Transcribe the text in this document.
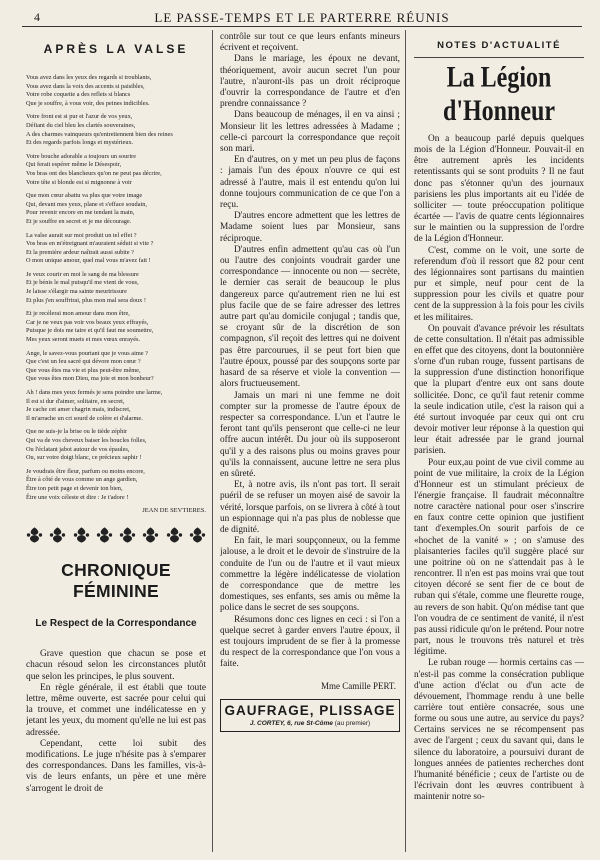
4	LE PASSE-TEMPS ET LE PARTERRE RÉUNIS
APRÈS LA VALSE
Vous avez dans les yeux des regards si troublants,
Vous avez dans la voix des accents si paisibles,
Votre robe coquette a des reflets si blancs
Que je souffre, à vous voir, des peines indicibles.
Votre front est si pur et l'azur de vos yeux,
Défiant du ciel bleu les clartés souveraines,
A des charmes vainqueurs qu'entretiennent bien des reines
Et des regards parfois longs et mystérieux.
Votre bouche adorable a toujours un sourire
Qui ferait espérer même le Désespoir,
Vos bras ont des blancheurs qu'on ne peut pas décrire,
Votre tête si blonde est si mignonne à voir
Que mon cœur abattu va plus que votre image
Qui, devant mes yeux, plane et s'efface soudain,
Pour revenir encore en me tendant la main,
Et je souffre en secret et je me décourage.
La valse aurait sur moi produit un tel effet ?
Vos bras en m'étreignant m'auraient séduit si vite ?
Et la première ardeur naîtrait aussi subite ?
O mon unique amour, quel mal vous m'avez fait !
Je veux courir en moi le sang de ma blessure
Et je bénis le mal puisqu'il me vient de vous,
Je laisse s'élargir ma sainte meurtrissure
Et plus j'en souffrirai, plus mon mal sera doux !
Et je recèlerai mon amour dans mon être,
Car je ne veux pas voir vos beaux yeux effrayés,
Puisque je dois me taire et qu'il faut me soumettre,
Mes yeux seront muets et mes vœux enrayés.
Ange, le savez-vous pourtant que je vous aime ?
Que c'est un feu sacré qui dévore mon cœur ?
Que vous êtes ma vie et plus peut-être même,
Que vous êtes mon Dieu, ma joie et mon bonheur?
Ah ! dans mes yeux fermés je sens poindre une larme,
Il est si dur d'aimer, solitaire, en secret,
Je cache cet amer chagrin mais, indiscret,
Il m'arrache un cri sourd de colère et d'alarme.
Que ne suis-je la brise ou le tiède zéphir
Qui va de vos cheveux baiser les boucles folles,
Ou l'éclatant jabot autour de vos épaules,
Ou, sur votre doigt blanc, ce précieux saphir !
Je voudrais être fleur, parfum ou moins encore,
Être à côté de vous comme un ange gardien,
Être ton petit page et devenir ton bien,
Être une voix céleste et dire : Je t'adore !
JEAN DE SEVTIERES.
CHRONIQUE FÉMININE
Le Respect de la Correspondance

Grave question que chacun se pose et chacun résoud selon les circonstances plutôt que selon les principes, le plus souvent.

En règle générale, il est établi que toute lettre, même ouverte, est sacrée pour celui qui la trouve, et commet une indélicatesse en y jetant les yeux, du moment qu'elle ne lui est pas adressée.

Cependant, cette loi subit des modifications. Le juge n'hésite pas à s'emparer des correspondances. Dans les familles, vis-à-vis de leurs enfants, un père et une mère s'arrogent le droit de

contrôle sur tout ce que leurs enfants mineurs écrivent et reçoivent.

Dans le mariage, les époux ne devant, théoriquement, avoir aucun secret l'un pour l'autre, n'auront-ils pas un droit réciproque d'ouvrir la correspondance de l'autre et d'en prendre connaissance ?

Dans beaucoup de ménages, il en va ainsi ; Monsieur lit les lettres adressées à Madame ; celle-ci parcourt la correspondance que reçoit son mari.

En d'autres, on y met un peu plus de façons : jamais l'un des époux n'ouvre ce qui est adressé à l'autre, mais il est entendu qu'on lui donne toujours communication de ce que l'on a reçu.

D'autres encore admettent que les lettres de Madame soient lues par Monsieur, sans réciproque.

D'autres enfin admettent qu'au cas où l'un ou l'autre des conjoints voudrait garder une correspondance — innocente ou non — secrète, le dernier cas serait de beaucoup le plus dangereux parce qu'autrement rien ne lui est plus facile que de se faire adresser des lettres autre part qu'au domicile conjugal ; tandis que, se croyant sûr de la discrétion de son compagnon, s'il reçoit des lettres qui ne doivent pas être parcourues, il se peut fort bien que l'autre époux, poussé par des soupçons sorte par hasard de sa réserve et viole la convention — alors fructueusement.

Jamais un mari ni une femme ne doit compter sur la promesse de l'autre époux de respecter sa correspondance. L'un et l'autre le feront tant qu'ils penseront que celle-ci ne leur offre aucun intérêt. Du jour où ils supposeront qu'il y a des raisons plus ou moins graves pour qu'ils la connaissent, aucune lettre ne sera plus en sûreté.

Et, à notre avis, ils n'ont pas tort. Il serait puéril de se refuser un moyen aisé de savoir la vérité, lorsque parfois, on se livrera à côté à tout un espionnage qui n'a pas plus de noblesse que de dignité.

En fait, le mari soupçonneux, ou la femme jalouse, a le droit et le devoir de s'instruire de la conduite de l'un ou de l'autre et il vaut mieux commettre la légère indélicatesse de violation de correspondance que de mettre les domestiques, ses enfants, ses amis ou même la police dans le secret de ses soupçons.

Résumons donc ces lignes en ceci : si l'on a quelque secret à garder envers l'autre époux, il est toujours imprudent de se fier à la promesse du respect de la correspondance que l'on vous a faite.

Mme Camille PERT.
GAUFRAGE, PLISSAGE
J. CORTEY, 6, rue St-Côme (au premier)
NOTES D'ACTUALITÉ
La Légion d'Honneur

On a beaucoup parlé depuis quelques mois de la Légion d'Honneur. Pouvait-il en être autrement après les incidents retentissants qui se sont produits ? Il ne faut donc pas s'étonner qu'un des journaux parisiens les plus importants ait eu l'idée de solliciter — toute préoccupation politique écartée — l'avis de quatre cents légionnaires sur le maintien ou la suppression de l'ordre de la Légion d'Honneur.

C'est, comme on le voit, une sorte de referendum d'où il ressort que 82 pour cent des légionnaires sont partisans du maintien pur et simple, neuf pour cent de la suppression pour les civils et quatre pour cent de la suppression à la fois pour les civils et les militaires.

On pouvait d'avance prévoir les résultats de cette consultation. Il n'était pas admissible en effet que des citoyens, dont la boutonnière s'orne d'un ruban rouge, fussent partisans de la suppression d'une distinction honorifique que la plupart d'entre eux ont sans doute sollicitée. Donc, ce qu'il faut retenir comme la seule indication utile, c'est la raison qui a été surtout invoquée par ceux qui ont cru devoir motiver leur réponse à la question qui leur était adressée par le grand journal parisien.

Pour eux,au point de vue civil comme au point de vue militaire, la croix de la Légion d'Honneur est un stimulant précieux de l'énergie française. Il faudrait méconnaître notre caractère national pour oser s'inscrire en faux contre cette opinion que justifient tant d'exemples.On sourit parfois de ce «hochet de la vanité » ; on s'amuse des plaisanteries faciles qu'il suggère placé sur une poitrine où on ne s'attendait pas à le rencontrer. Il n'en est pas moins vrai que tout citoyen décoré se sent fier de ce bout de ruban qui s'étale, comme une fleurette rouge, au revers de son habit. Qu'on médise tant que l'on voudra de ce sentiment de vanité, il n'est pas aussi ridicule qu'on le prétend. Pour notre part, nous le trouvons très naturel et très légitime.

Le ruban rouge — hormis certains cas — n'est-il pas comme la consécration publique d'une action d'éclat ou d'un acte de dévouement, l'hommage rendu à une belle carrière tout entière consacrée, sous une forme ou sous une autre, au service du pays? Certains services ne se récompensent pas avec de l'argent ; ceux du savant qui, dans le silence du laboratoire, a poursuivi durant de longues années de patientes recherches dont l'humanité bénéficie ; ceux de l'artiste ou de l'écrivain dont les œuvres contribuent à maintenir notre so-
